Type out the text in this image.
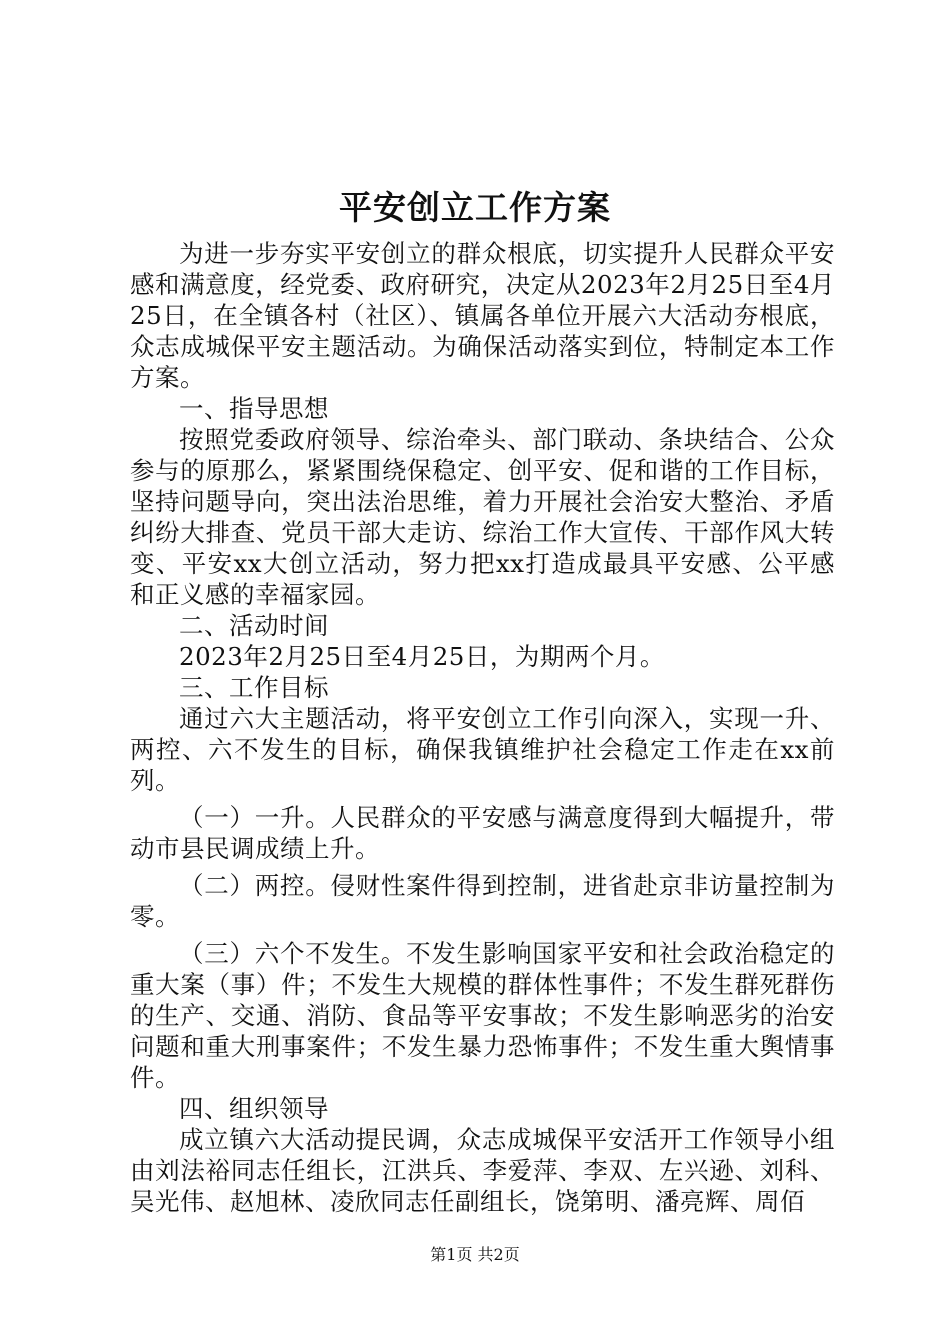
平安创立工作方案

为进一步夯实平安创立的群众根底，切实提升人民群众平安感和满意度，经党委、政府研究，决定从2023年2月25日至4月25日，在全镇各村（社区）、镇属各单位开展六大活动夯根底，众志成城保平安主题活动。为确保活动落实到位，特制定本工作方案。

一、指导思想

按照党委政府领导、综治牵头、部门联动、条块结合、公众参与的原那么，紧紧围绕保稳定、创平安、促和谐的工作目标，坚持问题导向，突出法治思维，着力开展社会治安大整治、矛盾纠纷大排查、党员干部大走访、综治工作大宣传、干部作风大转变、平安xx大创立活动，努力把xx打造成最具平安感、公平感和正义感的幸福家园。

二、活动时间

2023年2月25日至4月25日，为期两个月。

三、工作目标

通过六大主题活动，将平安创立工作引向深入，实现一升、两控、六不发生的目标，确保我镇维护社会稳定工作走在xx前列。

（一）一升。人民群众的平安感与满意度得到大幅提升，带动市县民调成绩上升。

（二）两控。侵财性案件得到控制，进省赴京非访量控制为零。

（三）六个不发生。不发生影响国家平安和社会政治稳定的重大案（事）件；不发生大规模的群体性事件；不发生群死群伤的生产、交通、消防、食品等平安事故；不发生影响恶劣的治安问题和重大刑事案件；不发生暴力恐怖事件；不发生重大舆情事件。

四、组织领导

成立镇六大活动提民调，众志成城保平安活开工作领导小组由刘法裕同志任组长，江洪兵、李爱萍、李双、左兴逊、刘科、吴光伟、赵旭林、凌欣同志任副组长，饶第明、潘亮辉、周佰

第1页 共2页
